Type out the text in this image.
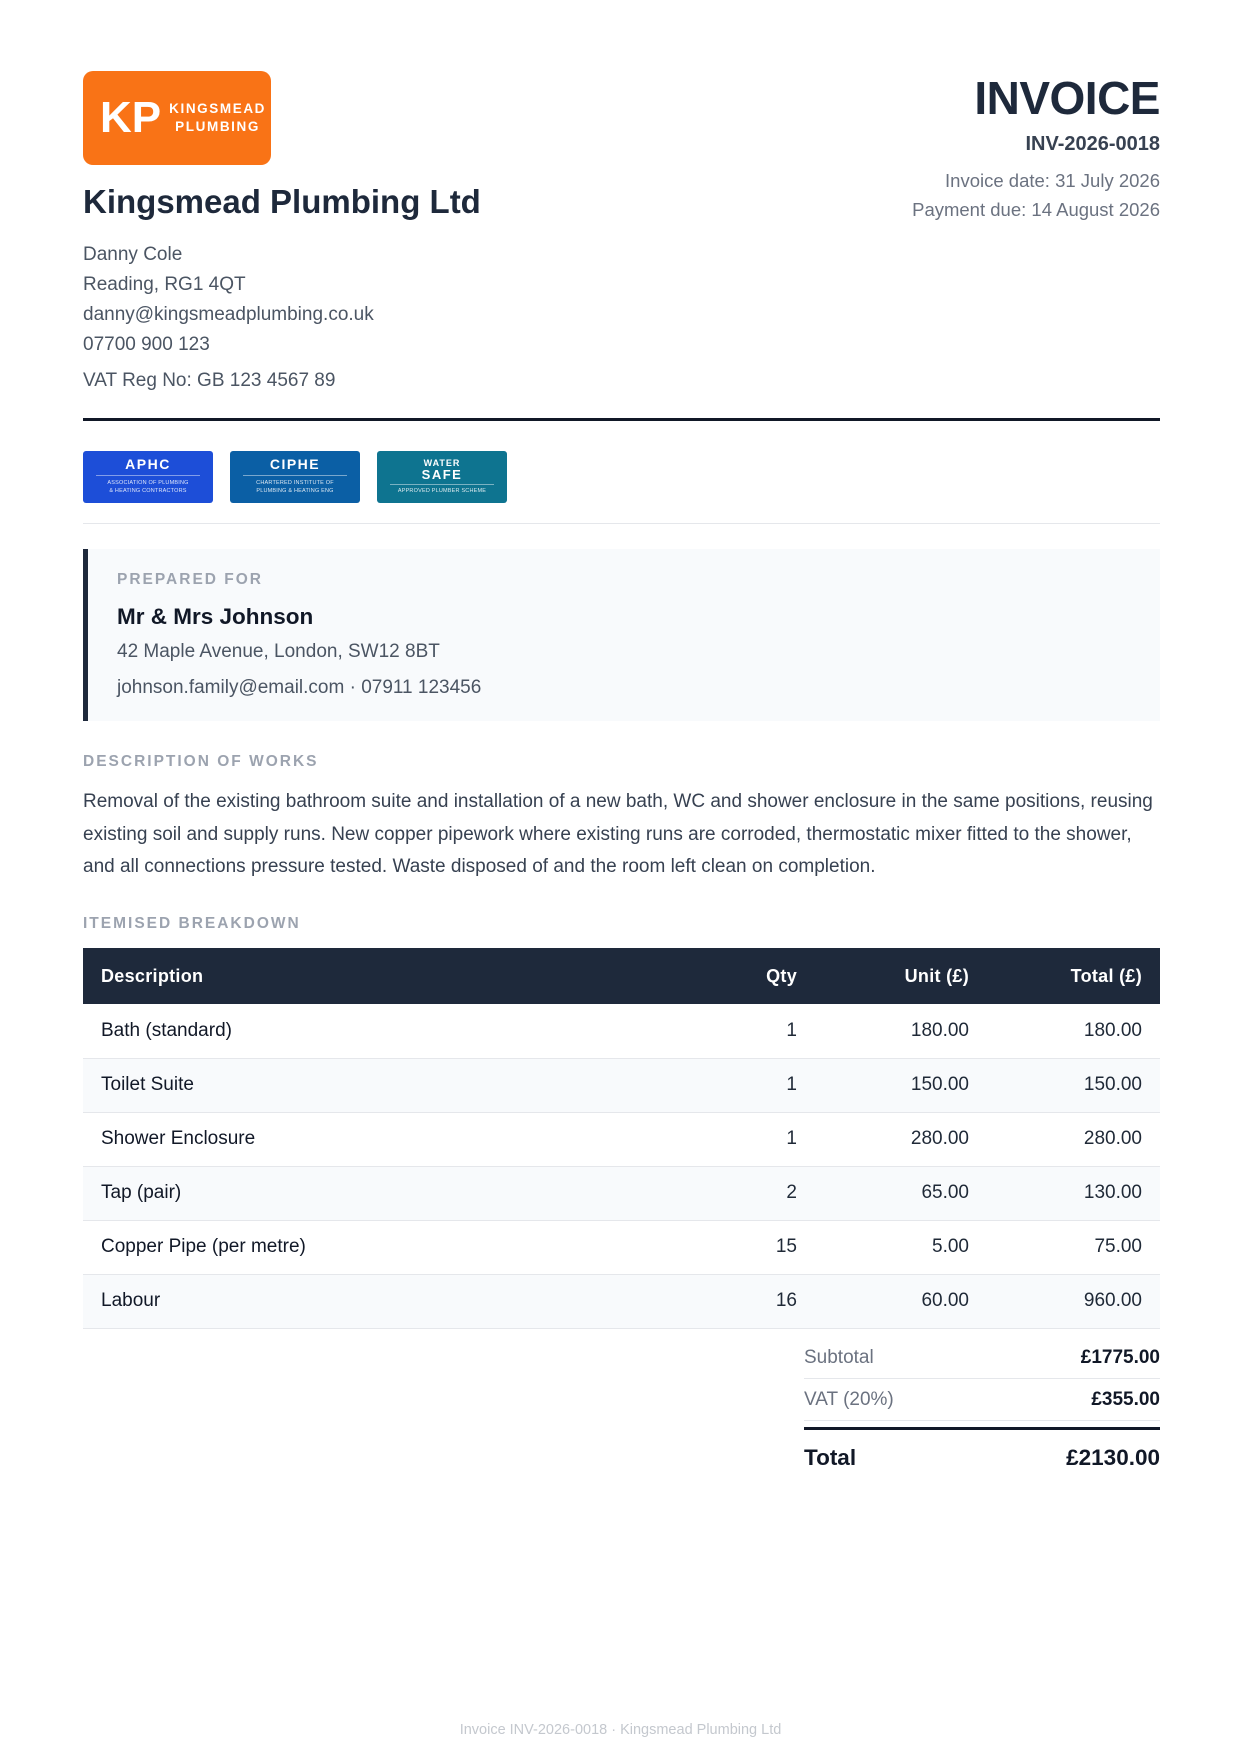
KP KINGSMEAD
PLUMBING
Kingsmead Plumbing Ltd
Danny Cole
Reading, RG1 4QT
danny@kingsmeadplumbing.co.uk
07700 900 123
VAT Reg No: GB 123 4567 89
INVOICE
INV-2026-0018
Invoice date: 31 July 2026
Payment due: 14 August 2026
APHC
ASSOCIATION OF PLUMBING
& HEATING CONTRACTORS
CIPHE
CHARTERED INSTITUTE OF
PLUMBING & HEATING ENG
WATER
SAFE
APPROVED PLUMBER SCHEME
PREPARED FOR
Mr & Mrs Johnson
42 Maple Avenue, London, SW12 8BT
johnson.family@email.com · 07911 123456
DESCRIPTION OF WORKS

Removal of the existing bathroom suite and installation of a new bath, WC and shower enclosure in the same positions, reusing existing soil and supply runs. New copper pipework where existing runs are corroded, thermostatic mixer fitted to the shower, and all connections pressure tested. Waste disposed of and the room left clean on completion.

ITEMISED BREAKDOWN
Description	Qty	Unit (£)	Total (£)
Bath (standard)	1	180.00	180.00
Toilet Suite	1	150.00	150.00
Shower Enclosure	1	280.00	280.00
Tap (pair)	2	65.00	130.00
Copper Pipe (per metre)	15	5.00	75.00
Labour	16	60.00	960.00
Subtotal	£1775.00
VAT (20%)	£355.00
Total	£2130.00
Invoice INV-2026-0018 · Kingsmead Plumbing Ltd
